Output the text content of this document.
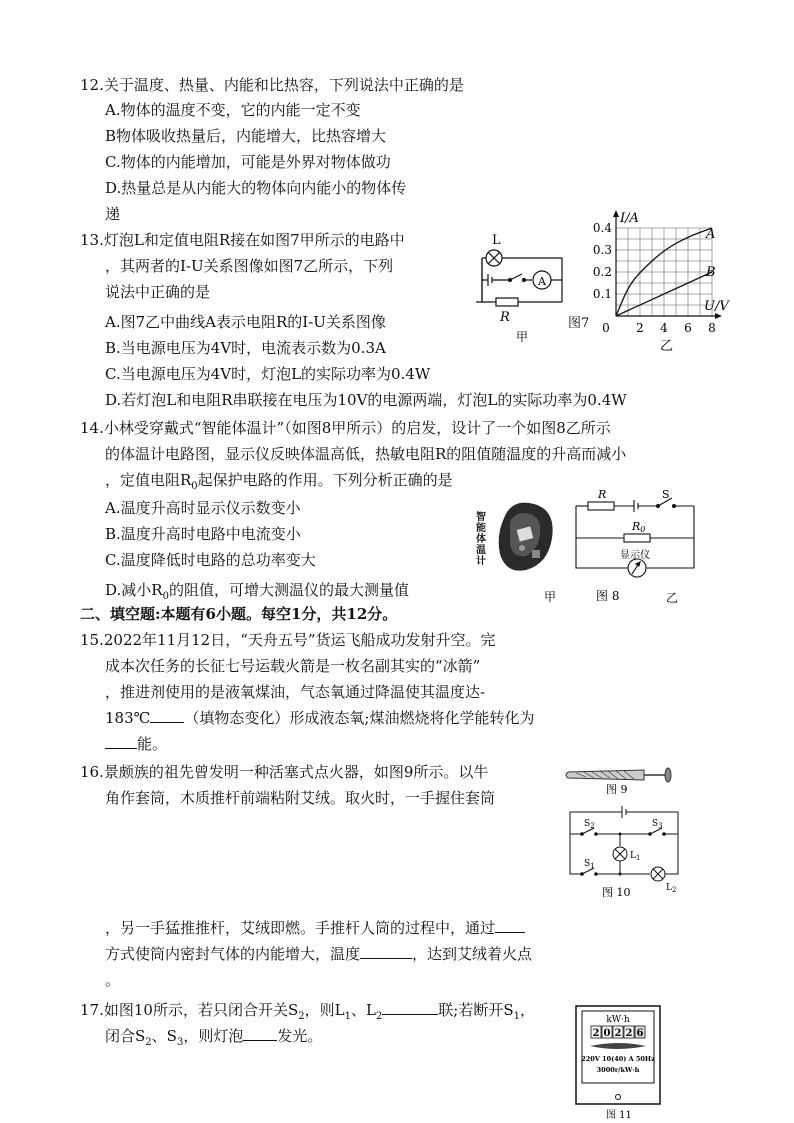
12.关于温度、热量、内能和比热容，下列说法中正确的是
A.物体的温度不变，它的内能一定不变
B物体吸收热量后，内能增大，比热容增大
C.物体的内能增加，可能是外界对物体做功
D.热量总是从内能大的物体向内能小的物体传
递
13.灯泡L和定值电阻R接在如图7甲所示的电路中
，其两者的I-U关系图像如图7乙所示，下列
说法中正确的是
A.图7乙中曲线A表示电阻R的I-U关系图像
B.当电源电压为4V时，电流表示数为0.3A
C.当电源电压为4V时，灯泡L的实际功率为0.4W
D.若灯泡L和电阻R串联接在电压为10V的电源两端，灯泡L的实际功率为0.4W
L
A
R
甲
图7
0.4
0.3
0.2
0.1
0 2 4 6 8
I/A
U/V
A
B
乙
14.小林受穿戴式“智能体温计”（如图8甲所示）的启发，设计了一个如图8乙所示
的体温计电路图，显示仪反映体温高低，热敏电阻R的阻值随温度的升高而减小
，定值电阻$R_0$起保护电路的作用。下列分析正确的是
A.温度升高时显示仪示数变小
B.温度升高时电路中电流变小
C.温度降低时电路的总功率变大
D.减小$R_0$的阻值，可增大测温仪的最大测量值	甲
智能体温计
R	S
R0
显示仪
图 8	乙
二、填空题:本题有6小题。每空1分，共12分。
15.2022年11月12日，“天舟五号”货运飞船成功发射升空。完
成本次任务的长征七号运载火箭是一枚名副其实的“冰箭”
，推进剂使用的是液氧煤油，气态氧通过降温使其温度达-
183℃ （填物态变化）形成液态氧;煤油燃烧将化学能转化为
能。
16.景颇族的祖先曾发明一种活塞式点火器，如图9所示。以牛
角作套筒，木质推杆前端粘附艾绒。取火时，一手握住套筒
，另一手猛推推杆，艾绒即燃。手推杆人筒的过程中，通过
方式使筒内密封气体的内能增大，温度	，达到艾绒着火点
。
图 9
$S_2$	$S_3$
$S_1$
$L_1$
$L_2$
图 10
17.如图10所示，若只闭合开关$S_2$，则$L_1$、$L_2$	联;若断开$S_1$，
闭合$S_2$、$S_3$，则灯泡 发光。
kW·h
2 0 2 2 6
220V 10(40) A 50Hz
3000r/kW·h
图 11
